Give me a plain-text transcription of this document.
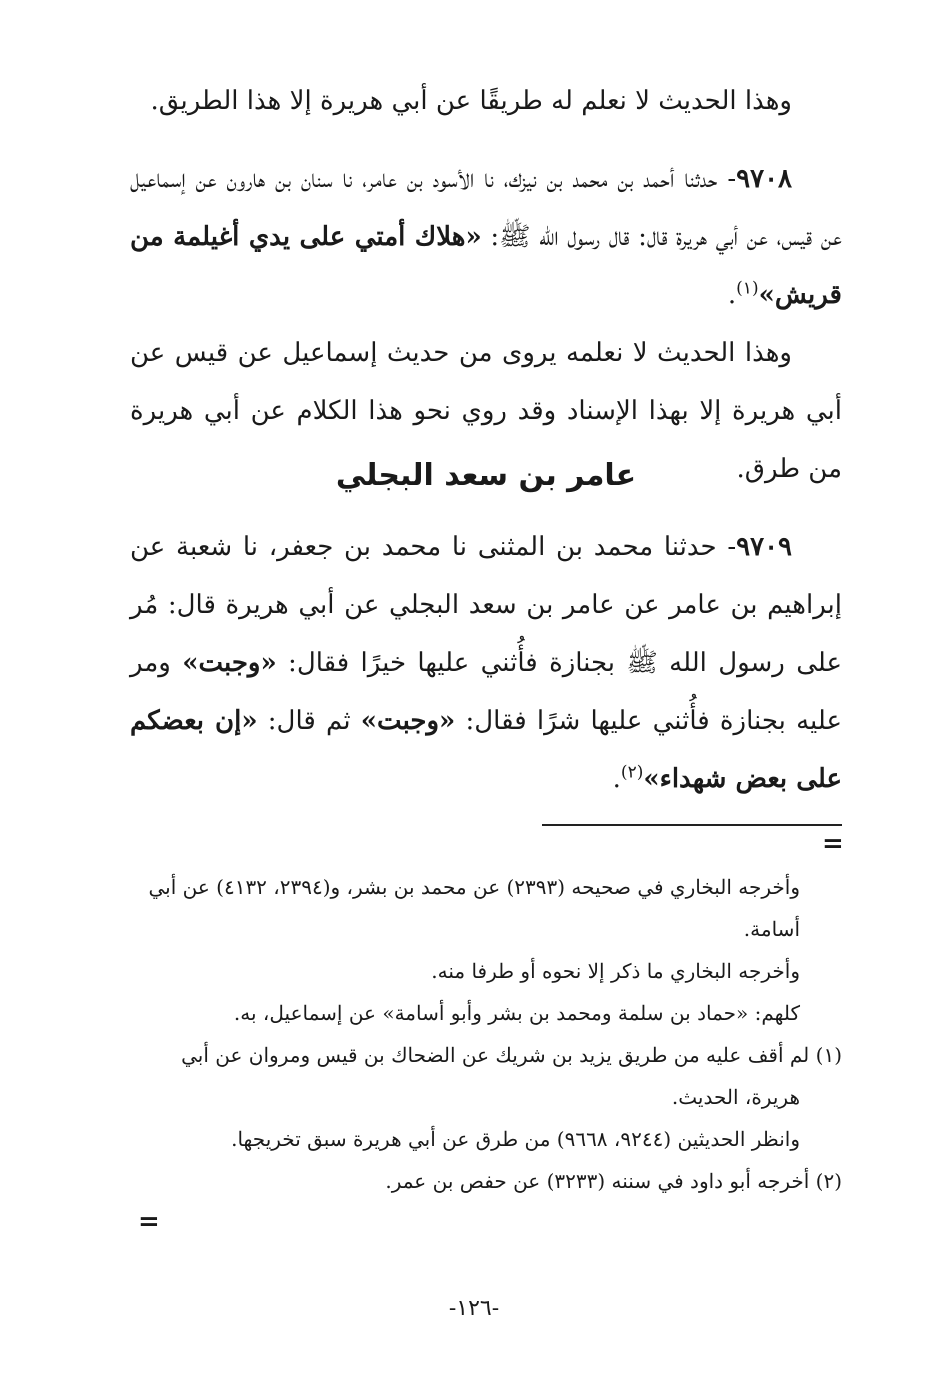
وهذا الحديث لا نعلم له طريقًا عن أبي هريرة إلا هذا الطريق.

٩٧٠٨- حدثنا أحمد بن محمد بن نيزك، نا الأسود بن عامر، نا سنان بن هارون عن إسماعيل عن قيس، عن أبي هريرة قال: قال رسول الله ﷺ: «هلاك أمتي على يدي أغيلمة من قريش»$^{(١)}$.

وهذا الحديث لا نعلمه يروى من حديث إسماعيل عن قيس عن أبي هريرة إلا بهذا الإسناد وقد روي نحو هذا الكلام عن أبي هريرة من طرق.

عامر بن سعد البجلي

٩٧٠٩- حدثنا محمد بن المثنى نا محمد بن جعفر، نا شعبة عن إبراهيم بن عامر عن عامر بن سعد البجلي عن أبي هريرة قال: مُر على رسول الله ﷺ بجنازة فأُثني عليها خيرًا فقال: «وجبت» ومر عليه بجنازة فأُثني عليها شرًا فقال: «وجبت» ثم قال: «إن بعضكم على بعض شهداء»$^{(٢)}$.

=

وأخرجه البخاري في صحيحه (٢٣٩٣) عن محمد بن بشر، و(٢٣٩٤، ٤١٣٢) عن أبي أسامة.

وأخرجه البخاري ما ذكر إلا نحوه أو طرفا منه.

كلهم: «حماد بن سلمة ومحمد بن بشر وأبو أسامة» عن إسماعيل، به.

(١) لم أقف عليه من طريق يزيد بن شريك عن الضحاك بن قيس ومروان عن أبي هريرة، الحديث.

وانظر الحديثين (٩٢٤٤، ٩٦٦٨) من طرق عن أبي هريرة سبق تخريجها.

(٢) أخرجه أبو داود في سننه (٣٢٣٣) عن حفص بن عمر.

=
-١٢٦-
